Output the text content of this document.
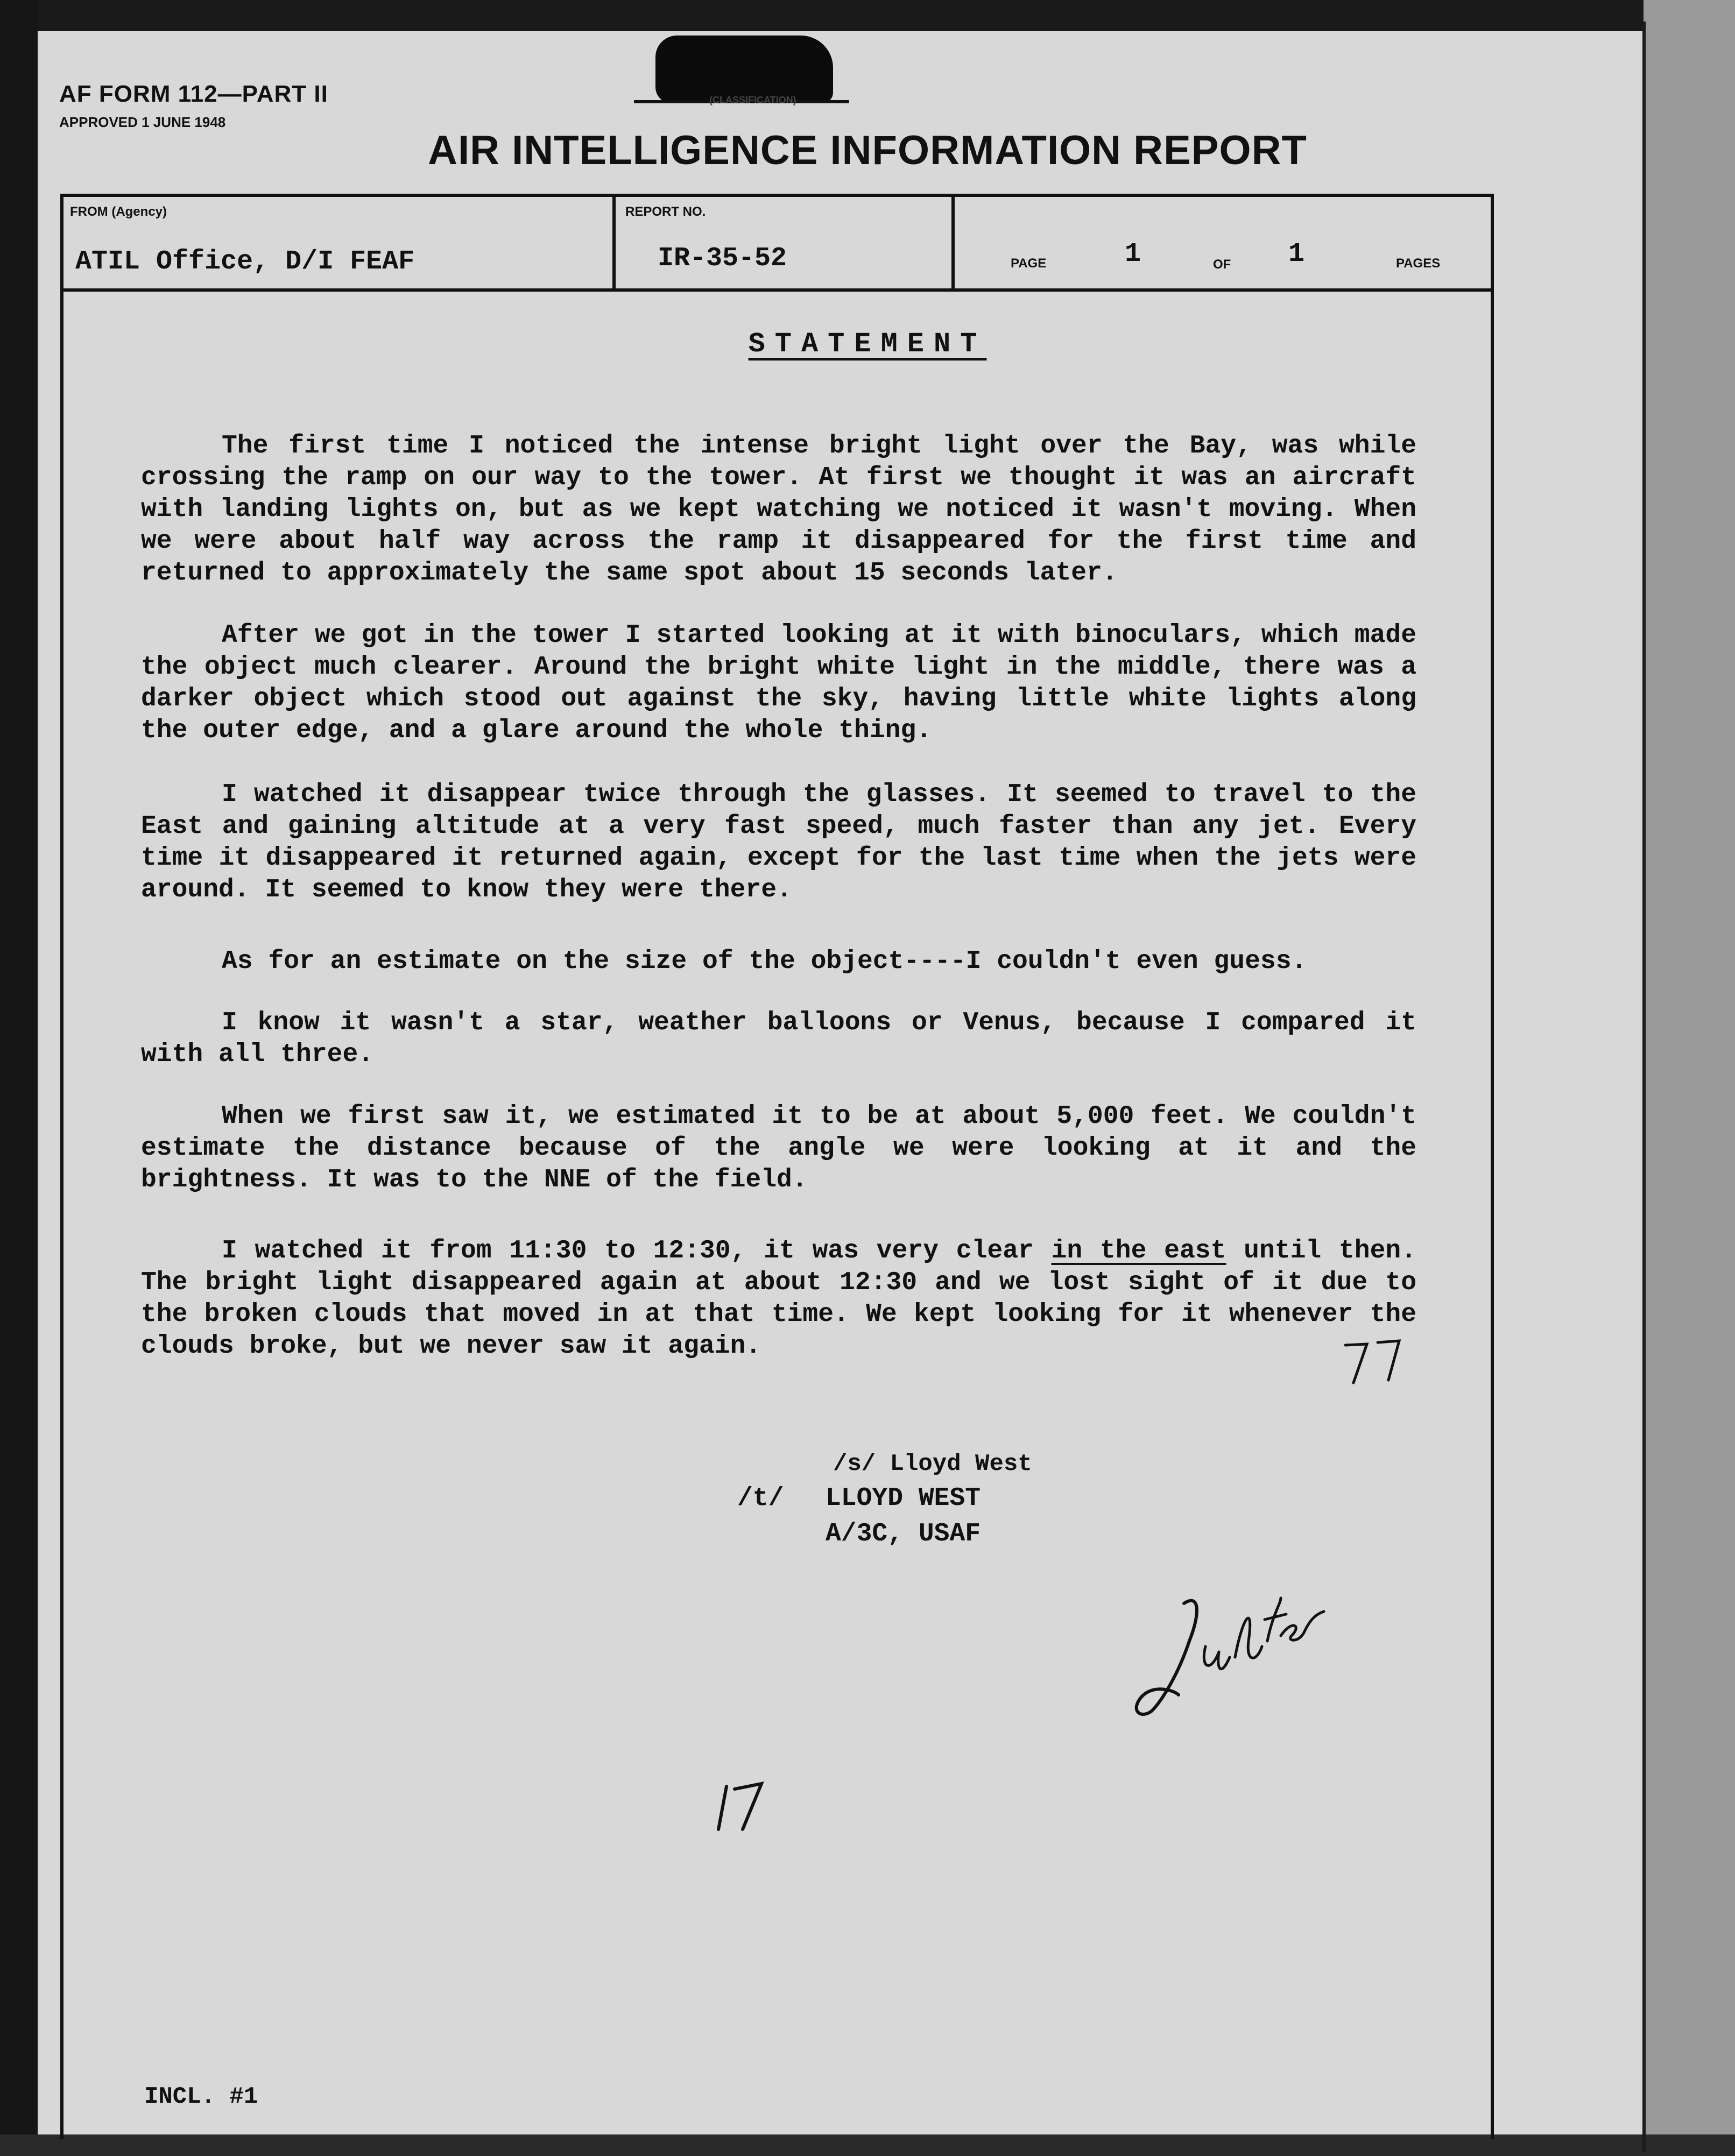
AF FORM 112—PART II
APPROVED 1 JUNE 1948
(CLASSIFICATION)
AIR INTELLIGENCE INFORMATION REPORT
FROM (Agency)
ATIL Office, D/I FEAF
REPORT NO.
IR-35-52	PAGE	1	OF 1	PAGES
STATEMENT

The first time I noticed the intense bright light over the Bay, was while crossing the ramp on our way to the tower. At first we thought it was an aircraft with landing lights on, but as we kept watching we noticed it wasn't moving. When we were about half way across the ramp it disappeared for the first time and returned to approximately the same spot about 15 seconds later.

After we got in the tower I started looking at it with binoculars, which made the object much clearer. Around the bright white light in the middle, there was a darker object which stood out against the sky, having little white lights along the outer edge, and a glare around the whole thing.

I watched it disappear twice through the glasses. It seemed to travel to the East and gaining altitude at a very fast speed, much faster than any jet. Every time it disappeared it returned again, except for the last time when the jets were around. It seemed to know they were there.

As for an estimate on the size of the object----I couldn't even guess.

I know it wasn't a star, weather balloons or Venus, because I compared it with all three.

When we first saw it, we estimated it to be at about 5,000 feet. We couldn't estimate the distance because of the angle we were looking at it and the brightness. It was to the NNE of the field.

I watched it from 11:30 to 12:30, it was very clear in the east until then. The bright light disappeared again at about 12:30 and we lost sight of it due to the broken clouds that moved in at that time. We kept looking for it whenever the clouds broke, but we never saw it again.

/s/ Lloyd West
/t/ LLOYD WEST
A/3C, USAF
Jupiter
77
17
INCL. #1
